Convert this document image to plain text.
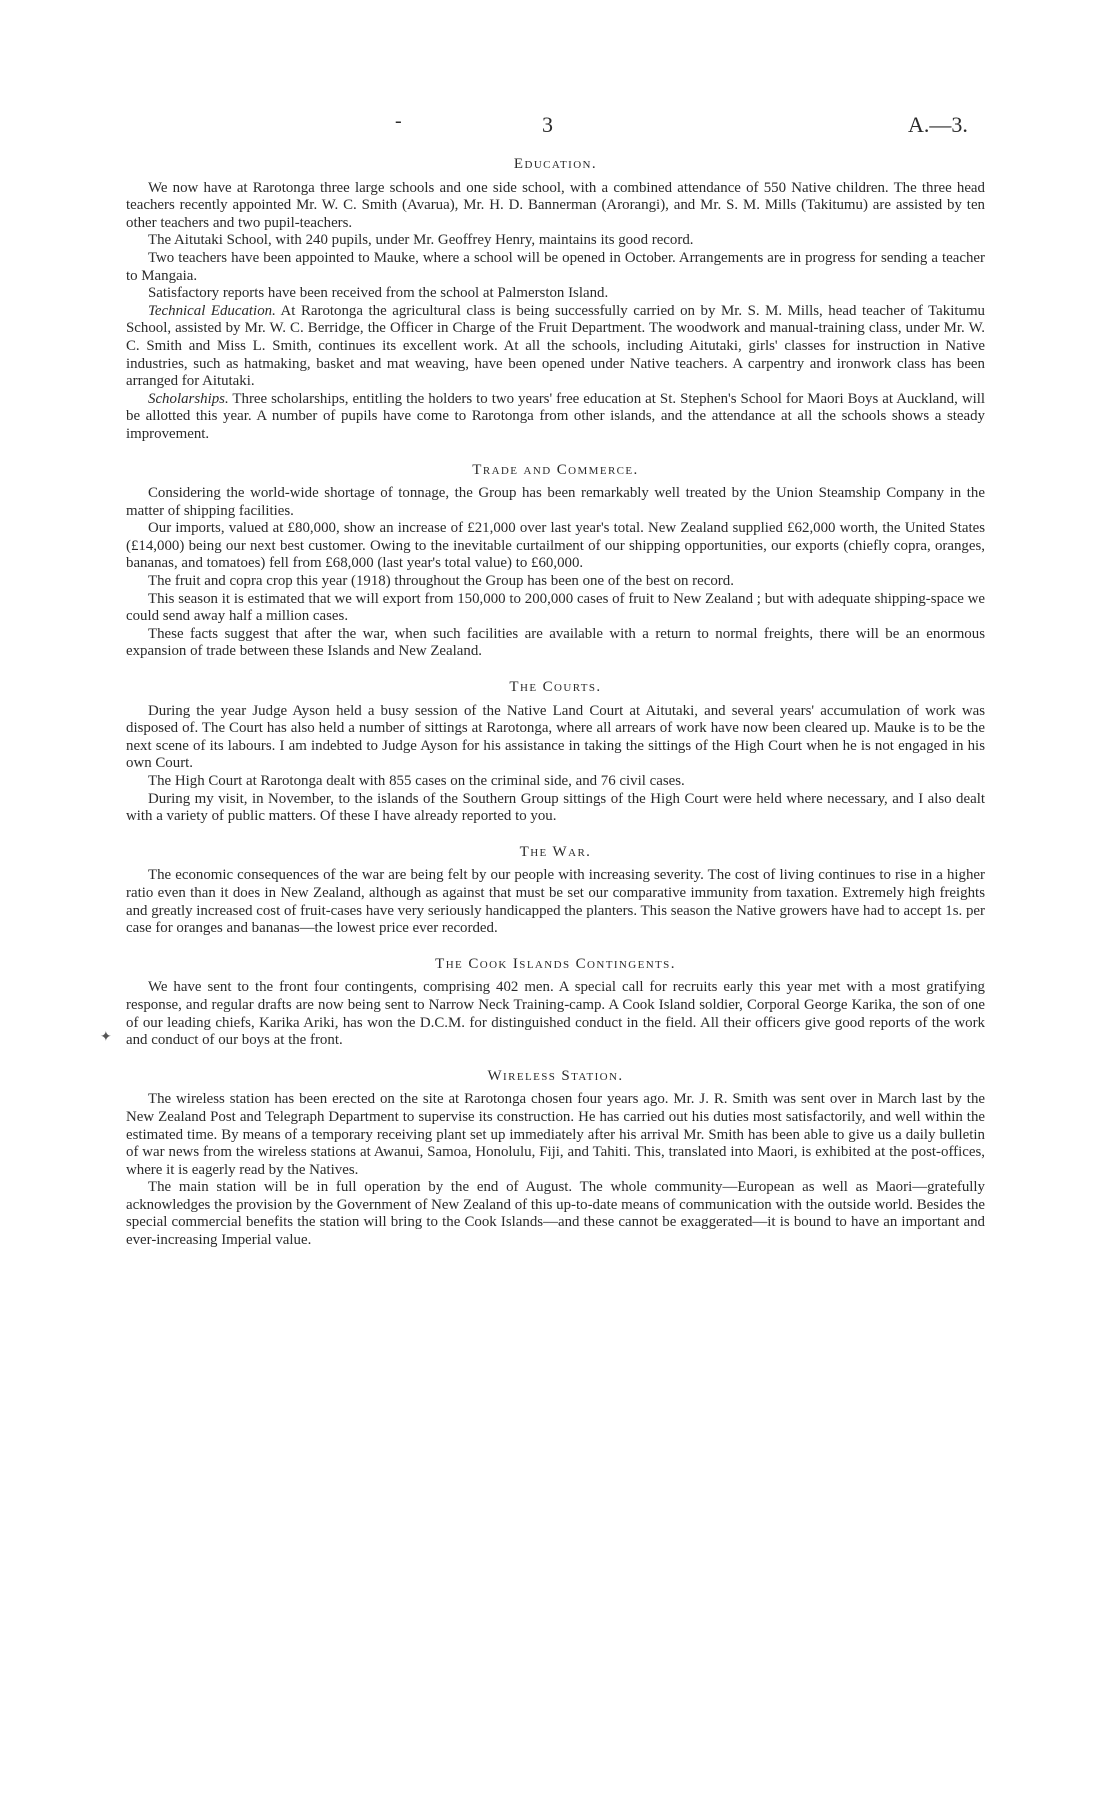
-	3	A.—3.
✦
Education.

We now have at Rarotonga three large schools and one side school, with a combined attendance of 550 Native children. The three head teachers recently appointed Mr. W. C. Smith (Avarua), Mr. H. D. Bannerman (Arorangi), and Mr. S. M. Mills (Takitumu) are assisted by ten other teachers and two pupil-teachers.

The Aitutaki School, with 240 pupils, under Mr. Geoffrey Henry, maintains its good record.

Two teachers have been appointed to Mauke, where a school will be opened in October. Arrangements are in progress for sending a teacher to Mangaia.

Satisfactory reports have been received from the school at Palmerston Island.

Technical Education. At Rarotonga the agricultural class is being successfully carried on by Mr. S. M. Mills, head teacher of Takitumu School, assisted by Mr. W. C. Berridge, the Officer in Charge of the Fruit Department. The woodwork and manual-training class, under Mr. W. C. Smith and Miss L. Smith, continues its excellent work. At all the schools, including Aitutaki, girls' classes for instruction in Native industries, such as hatmaking, basket and mat weaving, have been opened under Native teachers. A carpentry and ironwork class has been arranged for Aitutaki.

Scholarships. Three scholarships, entitling the holders to two years' free education at St. Stephen's School for Maori Boys at Auckland, will be allotted this year. A number of pupils have come to Rarotonga from other islands, and the attendance at all the schools shows a steady improvement.

Trade and Commerce.

Considering the world-wide shortage of tonnage, the Group has been remarkably well treated by the Union Steamship Company in the matter of shipping facilities.

Our imports, valued at £80,000, show an increase of £21,000 over last year's total. New Zealand supplied £62,000 worth, the United States (£14,000) being our next best customer. Owing to the inevitable curtailment of our shipping opportunities, our exports (chiefly copra, oranges, bananas, and tomatoes) fell from £68,000 (last year's total value) to £60,000.

The fruit and copra crop this year (1918) throughout the Group has been one of the best on record.

This season it is estimated that we will export from 150,000 to 200,000 cases of fruit to New Zealand ; but with adequate shipping-space we could send away half a million cases.

These facts suggest that after the war, when such facilities are available with a return to normal freights, there will be an enormous expansion of trade between these Islands and New Zealand.

The Courts.

During the year Judge Ayson held a busy session of the Native Land Court at Aitutaki, and several years' accumulation of work was disposed of. The Court has also held a number of sittings at Rarotonga, where all arrears of work have now been cleared up. Mauke is to be the next scene of its labours. I am indebted to Judge Ayson for his assistance in taking the sittings of the High Court when he is not engaged in his own Court.

The High Court at Rarotonga dealt with 855 cases on the criminal side, and 76 civil cases.

During my visit, in November, to the islands of the Southern Group sittings of the High Court were held where necessary, and I also dealt with a variety of public matters. Of these I have already reported to you.

The War.

The economic consequences of the war are being felt by our people with increasing severity. The cost of living continues to rise in a higher ratio even than it does in New Zealand, although as against that must be set our comparative immunity from taxation. Extremely high freights and greatly increased cost of fruit-cases have very seriously handicapped the planters. This season the Native growers have had to accept 1s. per case for oranges and bananas—the lowest price ever recorded.

The Cook Islands Contingents.

We have sent to the front four contingents, comprising 402 men. A special call for recruits early this year met with a most gratifying response, and regular drafts are now being sent to Narrow Neck Training-camp. A Cook Island soldier, Corporal George Karika, the son of one of our leading chiefs, Karika Ariki, has won the D.C.M. for distinguished conduct in the field. All their officers give good reports of the work and conduct of our boys at the front.

Wireless Station.

The wireless station has been erected on the site at Rarotonga chosen four years ago. Mr. J. R. Smith was sent over in March last by the New Zealand Post and Telegraph Department to supervise its construction. He has carried out his duties most satisfactorily, and well within the estimated time. By means of a temporary receiving plant set up immediately after his arrival Mr. Smith has been able to give us a daily bulletin of war news from the wireless stations at Awanui, Samoa, Honolulu, Fiji, and Tahiti. This, translated into Maori, is exhibited at the post-offices, where it is eagerly read by the Natives.

The main station will be in full operation by the end of August. The whole community—European as well as Maori—gratefully acknowledges the provision by the Government of New Zealand of this up-to-date means of communication with the outside world. Besides the special commercial benefits the station will bring to the Cook Islands—and these cannot be exaggerated—it is bound to have an important and ever-increasing Imperial value.
